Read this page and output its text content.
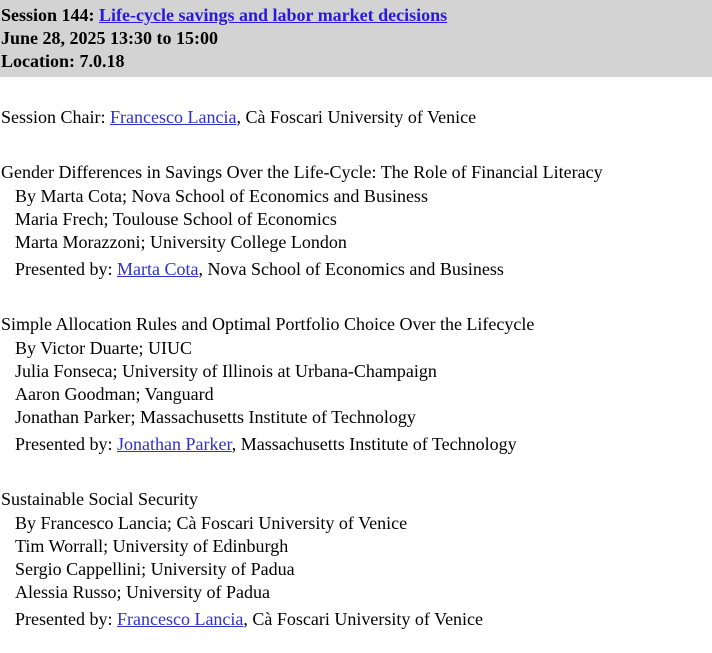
Session 144: Life-cycle savings and labor market decisions
June 28, 2025 13:30 to 15:00
Location: 7.0.18
Session Chair: Francesco Lancia, Cà Foscari University of Venice
Gender Differences in Savings Over the Life-Cycle: The Role of Financial Literacy
By Marta Cota; Nova School of Economics and Business
Maria Frech; Toulouse School of Economics
Marta Morazzoni; University College London
Presented by: Marta Cota, Nova School of Economics and Business
Simple Allocation Rules and Optimal Portfolio Choice Over the Lifecycle
By Victor Duarte; UIUC
Julia Fonseca; University of Illinois at Urbana-Champaign
Aaron Goodman; Vanguard
Jonathan Parker; Massachusetts Institute of Technology
Presented by: Jonathan Parker, Massachusetts Institute of Technology
Sustainable Social Security
By Francesco Lancia; Cà Foscari University of Venice
Tim Worrall; University of Edinburgh
Sergio Cappellini; University of Padua
Alessia Russo; University of Padua
Presented by: Francesco Lancia, Cà Foscari University of Venice
